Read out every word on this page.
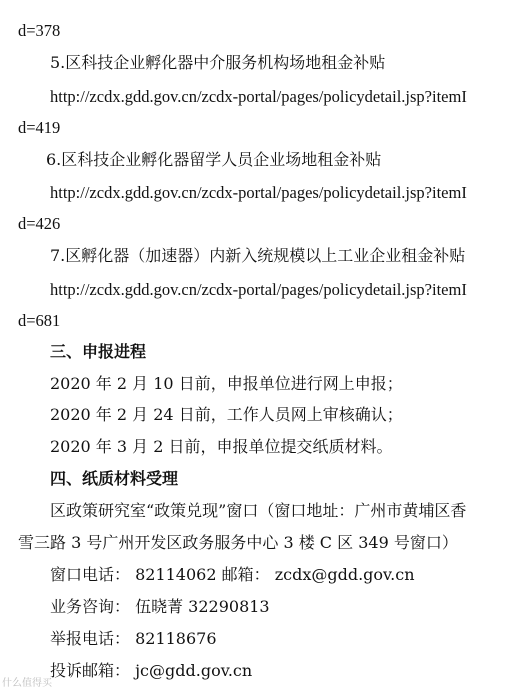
d=378
5.区科技企业孵化器中介服务机构场地租金补贴
http://zcdx.gdd.gov.cn/zcdx-portal/pages/policydetail.jsp?itemI
d=419
6.区科技企业孵化器留学人员企业场地租金补贴
http://zcdx.gdd.gov.cn/zcdx-portal/pages/policydetail.jsp?itemI
d=426
7.区孵化器（加速器）内新入统规模以上工业企业租金补贴
http://zcdx.gdd.gov.cn/zcdx-portal/pages/policydetail.jsp?itemI
d=681
三、申报进程
2020 年 2 月 10 日前，申报单位进行网上申报；
2020 年 2 月 24 日前，工作人员网上审核确认；
2020 年 3 月 2 日前，申报单位提交纸质材料。
四、纸质材料受理
区政策研究室“政策兑现”窗口（窗口地址：广州市黄埔区香
雪三路 3 号广州开发区政务服务中心 3 楼 C 区 349 号窗口）
窗口电话： 82114062 邮箱： zcdx@gdd.gov.cn
业务咨询： 伍晓菁 32290813
举报电话： 82118676
投诉邮箱： jc@gdd.gov.cn
什么值得买
